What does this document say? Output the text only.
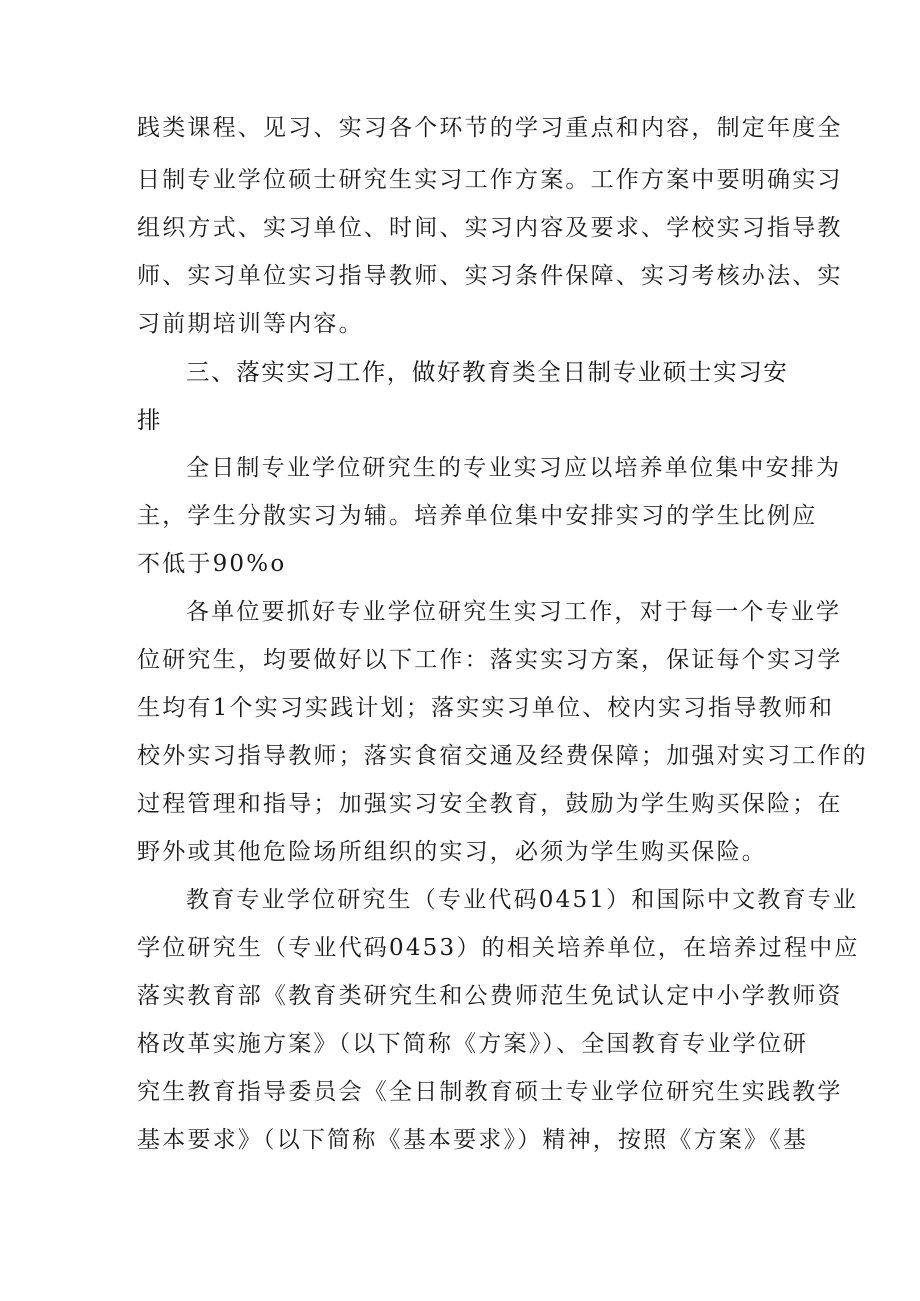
践类课程、见习、实习各个环节的学习重点和内容，制定年度全
日制专业学位硕士研究生实习工作方案。工作方案中要明确实习
组织方式、实习单位、时间、实习内容及要求、学校实习指导教
师、实习单位实习指导教师、实习条件保障、实习考核办法、实
习前期培训等内容。
三、落实实习工作，做好教育类全日制专业硕士实习安
排
全日制专业学位研究生的专业实习应以培养单位集中安排为
主，学生分散实习为辅。培养单位集中安排实习的学生比例应
不低于90%o
各单位要抓好专业学位研究生实习工作，对于每一个专业学
位研究生，均要做好以下工作：落实实习方案，保证每个实习学
生均有1个实习实践计划；落实实习单位、校内实习指导教师和
校外实习指导教师；落实食宿交通及经费保障；加强对实习工作的
过程管理和指导；加强实习安全教育，鼓励为学生购买保险；在
野外或其他危险场所组织的实习，必须为学生购买保险。
教育专业学位研究生（专业代码0451）和国际中文教育专业
学位研究生（专业代码0453）的相关培养单位，在培养过程中应
落实教育部《教育类研究生和公费师范生免试认定中小学教师资
格改革实施方案》（以下简称《方案》）、全国教育专业学位研
究生教育指导委员会《全日制教育硕士专业学位研究生实践教学
基本要求》（以下简称《基本要求》）精神，按照《方案》《基
